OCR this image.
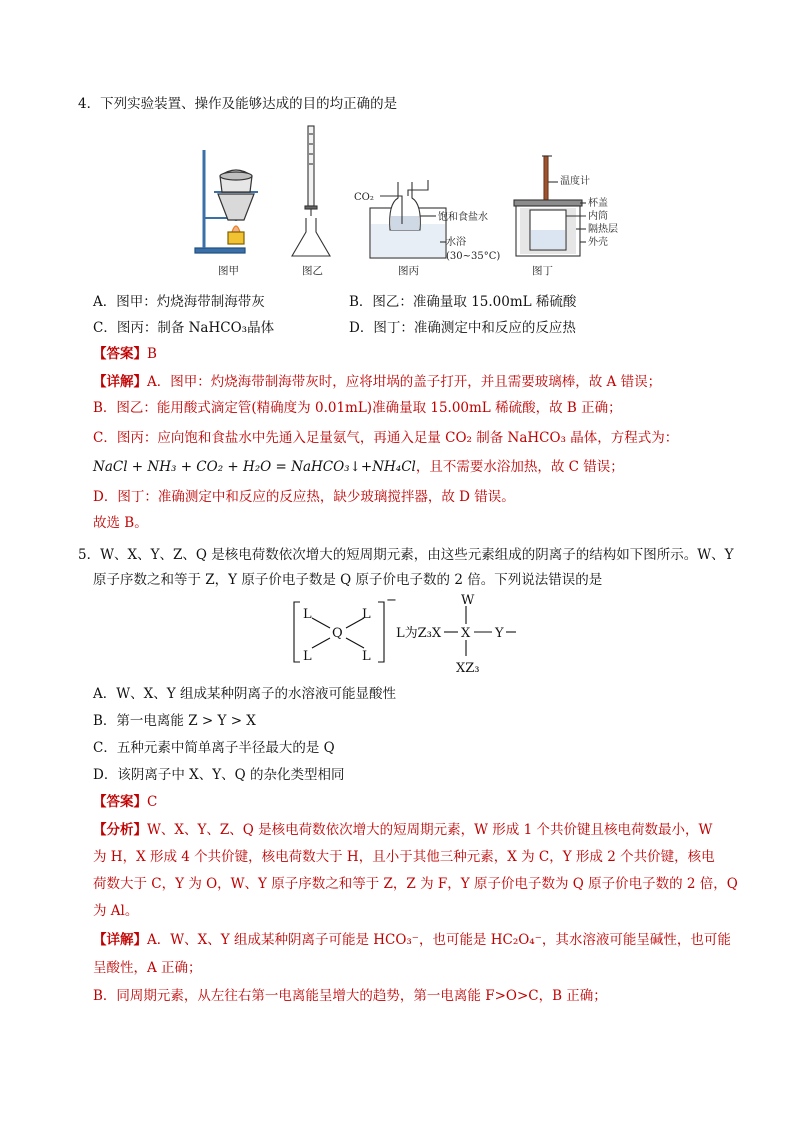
4．下列实验装置、操作及能够达成的目的均正确的是
CO₂
饱和食盐水
水浴
(30~35°C)
温度计
杯盖
内筒
隔热层
外壳
图甲	图乙	图丙	图丁
A．图甲：灼烧海带制海带灰	B．图乙：准确量取 15.00mL 稀硫酸
C．图丙：制备 NaHCO₃晶体	D．图丁：准确测定中和反应的反应热
【答案】B
【详解】A．图甲：灼烧海带制海带灰时，应将坩埚的盖子打开，并且需要玻璃棒，故 A 错误；
B．图乙：能用酸式滴定管(精确度为 0.01mL)准确量取 15.00mL 稀硫酸，故 B 正确；
C．图丙：应向饱和食盐水中先通入足量氨气，再通入足量 CO₂ 制备 NaHCO₃ 晶体，方程式为：
NaCl + NH₃ + CO₂ + H₂O = NaHCO₃↓+NH₄Cl，且不需要水浴加热，故 C 错误；
D．图丁：准确测定中和反应的反应热，缺少玻璃搅拌器，故 D 错误。
故选 B。
5．W、X、Y、Z、Q 是核电荷数依次增大的短周期元素，由这些元素组成的阴离子的结构如下图所示。W、Y
原子序数之和等于 Z，Y 原子价电子数是 Q 原子价电子数的 2 倍。下列说法错误的是
L	L
Q
L	L
−
L为Z₃X
W
X Y
XZ₃
A．W、X、Y 组成某种阴离子的水溶液可能显酸性
B．第一电离能 Z > Y > X
C．五种元素中简单离子半径最大的是 Q
D．该阴离子中 X、Y、Q 的杂化类型相同
【答案】C
【分析】W、X、Y、Z、Q 是核电荷数依次增大的短周期元素，W 形成 1 个共价键且核电荷数最小，W
为 H，X 形成 4 个共价键，核电荷数大于 H，且小于其他三种元素，X 为 C，Y 形成 2 个共价键，核电
荷数大于 C，Y 为 O，W、Y 原子序数之和等于 Z，Z 为 F，Y 原子价电子数为 Q 原子价电子数的 2 倍，Q
为 Al。
【详解】A．W、X、Y 组成某种阴离子可能是 HCO₃⁻，也可能是 HC₂O₄⁻，其水溶液可能呈碱性，也可能
呈酸性，A 正确；
B．同周期元素，从左往右第一电离能呈增大的趋势，第一电离能 F>O>C，B 正确；
